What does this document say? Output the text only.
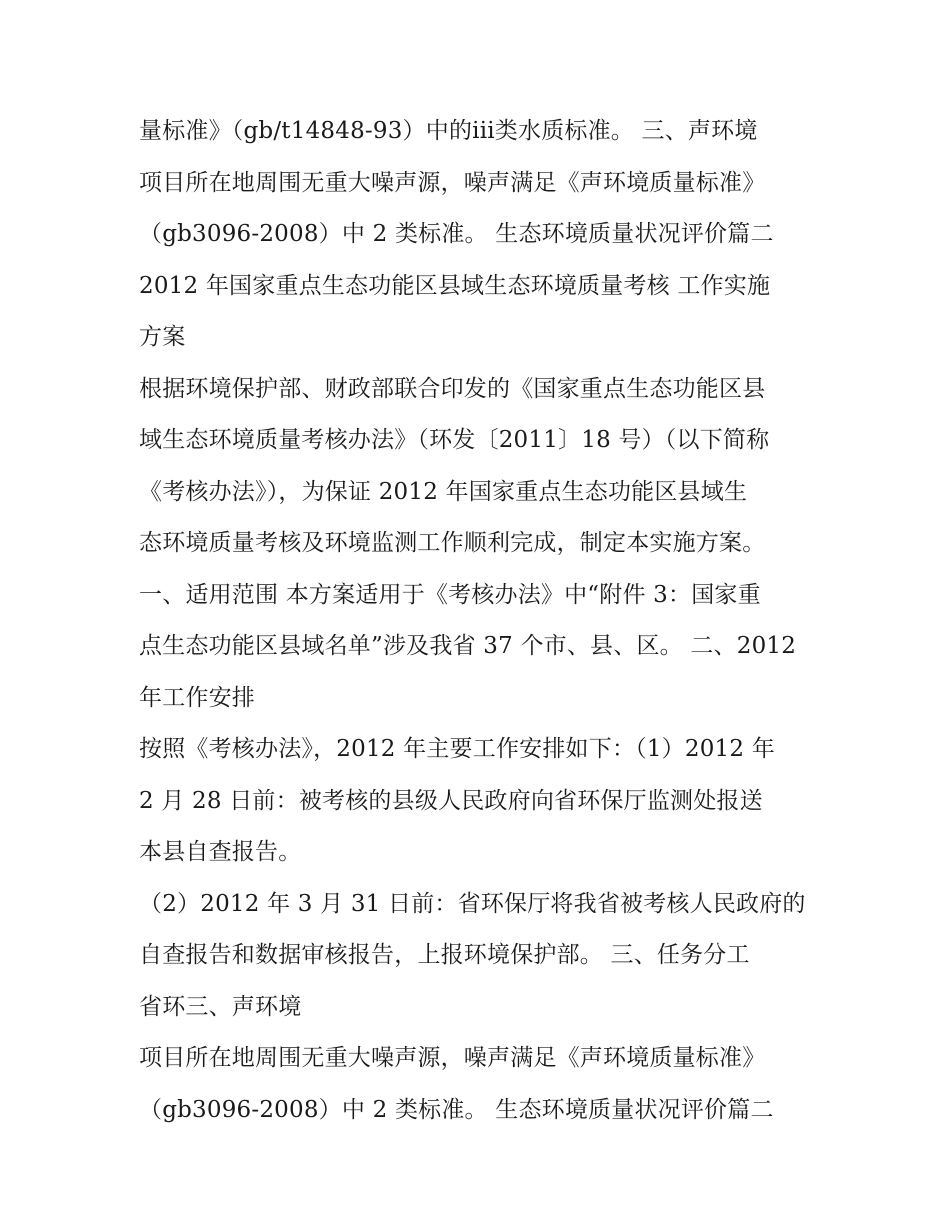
量标准》（gb/t14848-93）中的iii类水质标准。 三、声环境
项目所在地周围无重大噪声源，噪声满足《声环境质量标准》
（gb3096-2008）中 2 类标准。 生态环境质量状况评价篇二
2012 年国家重点生态功能区县域生态环境质量考核 工作实施
方案
根据环境保护部、财政部联合印发的《国家重点生态功能区县
域生态环境质量考核办法》（环发〔2011〕18 号）（以下简称
《考核办法》），为保证 2012 年国家重点生态功能区县域生
态环境质量考核及环境监测工作顺利完成，制定本实施方案。
一、适用范围 本方案适用于《考核办法》中“附件 3：国家重
点生态功能区县域名单”涉及我省 37 个市、县、区。 二、2012
年工作安排
按照《考核办法》，2012 年主要工作安排如下：（1）2012 年
2 月 28 日前：被考核的县级人民政府向省环保厅监测处报送
本县自查报告。
（2）2012 年 3 月 31 日前：省环保厅将我省被考核人民政府的
自查报告和数据审核报告，上报环境保护部。 三、任务分工
省环三、声环境
项目所在地周围无重大噪声源，噪声满足《声环境质量标准》
（gb3096-2008）中 2 类标准。 生态环境质量状况评价篇二
